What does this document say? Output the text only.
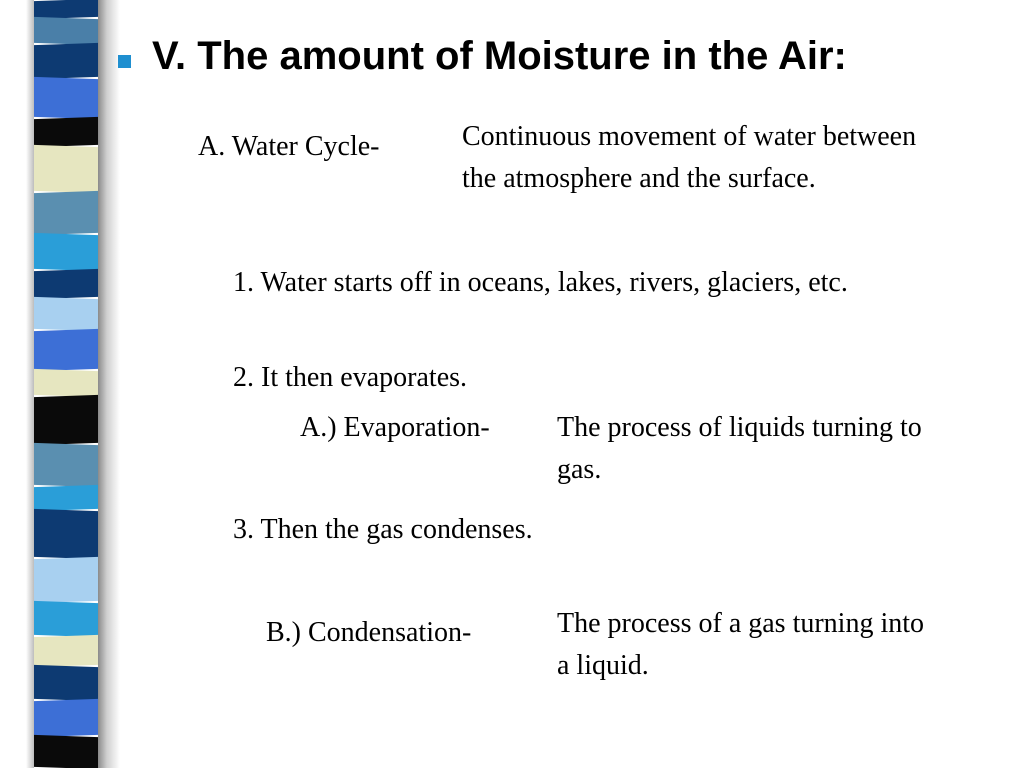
V. The amount of Moisture in the Air:
A. Water Cycle-	Continuous movement of water between
the atmosphere and the surface.
1. Water starts off in oceans, lakes, rivers, glaciers, etc.
2. It then evaporates.
A.) Evaporation- The process of liquids turning to
gas.
3. Then the gas condenses.
B.) Condensation-	The process of a gas turning into
a liquid.
